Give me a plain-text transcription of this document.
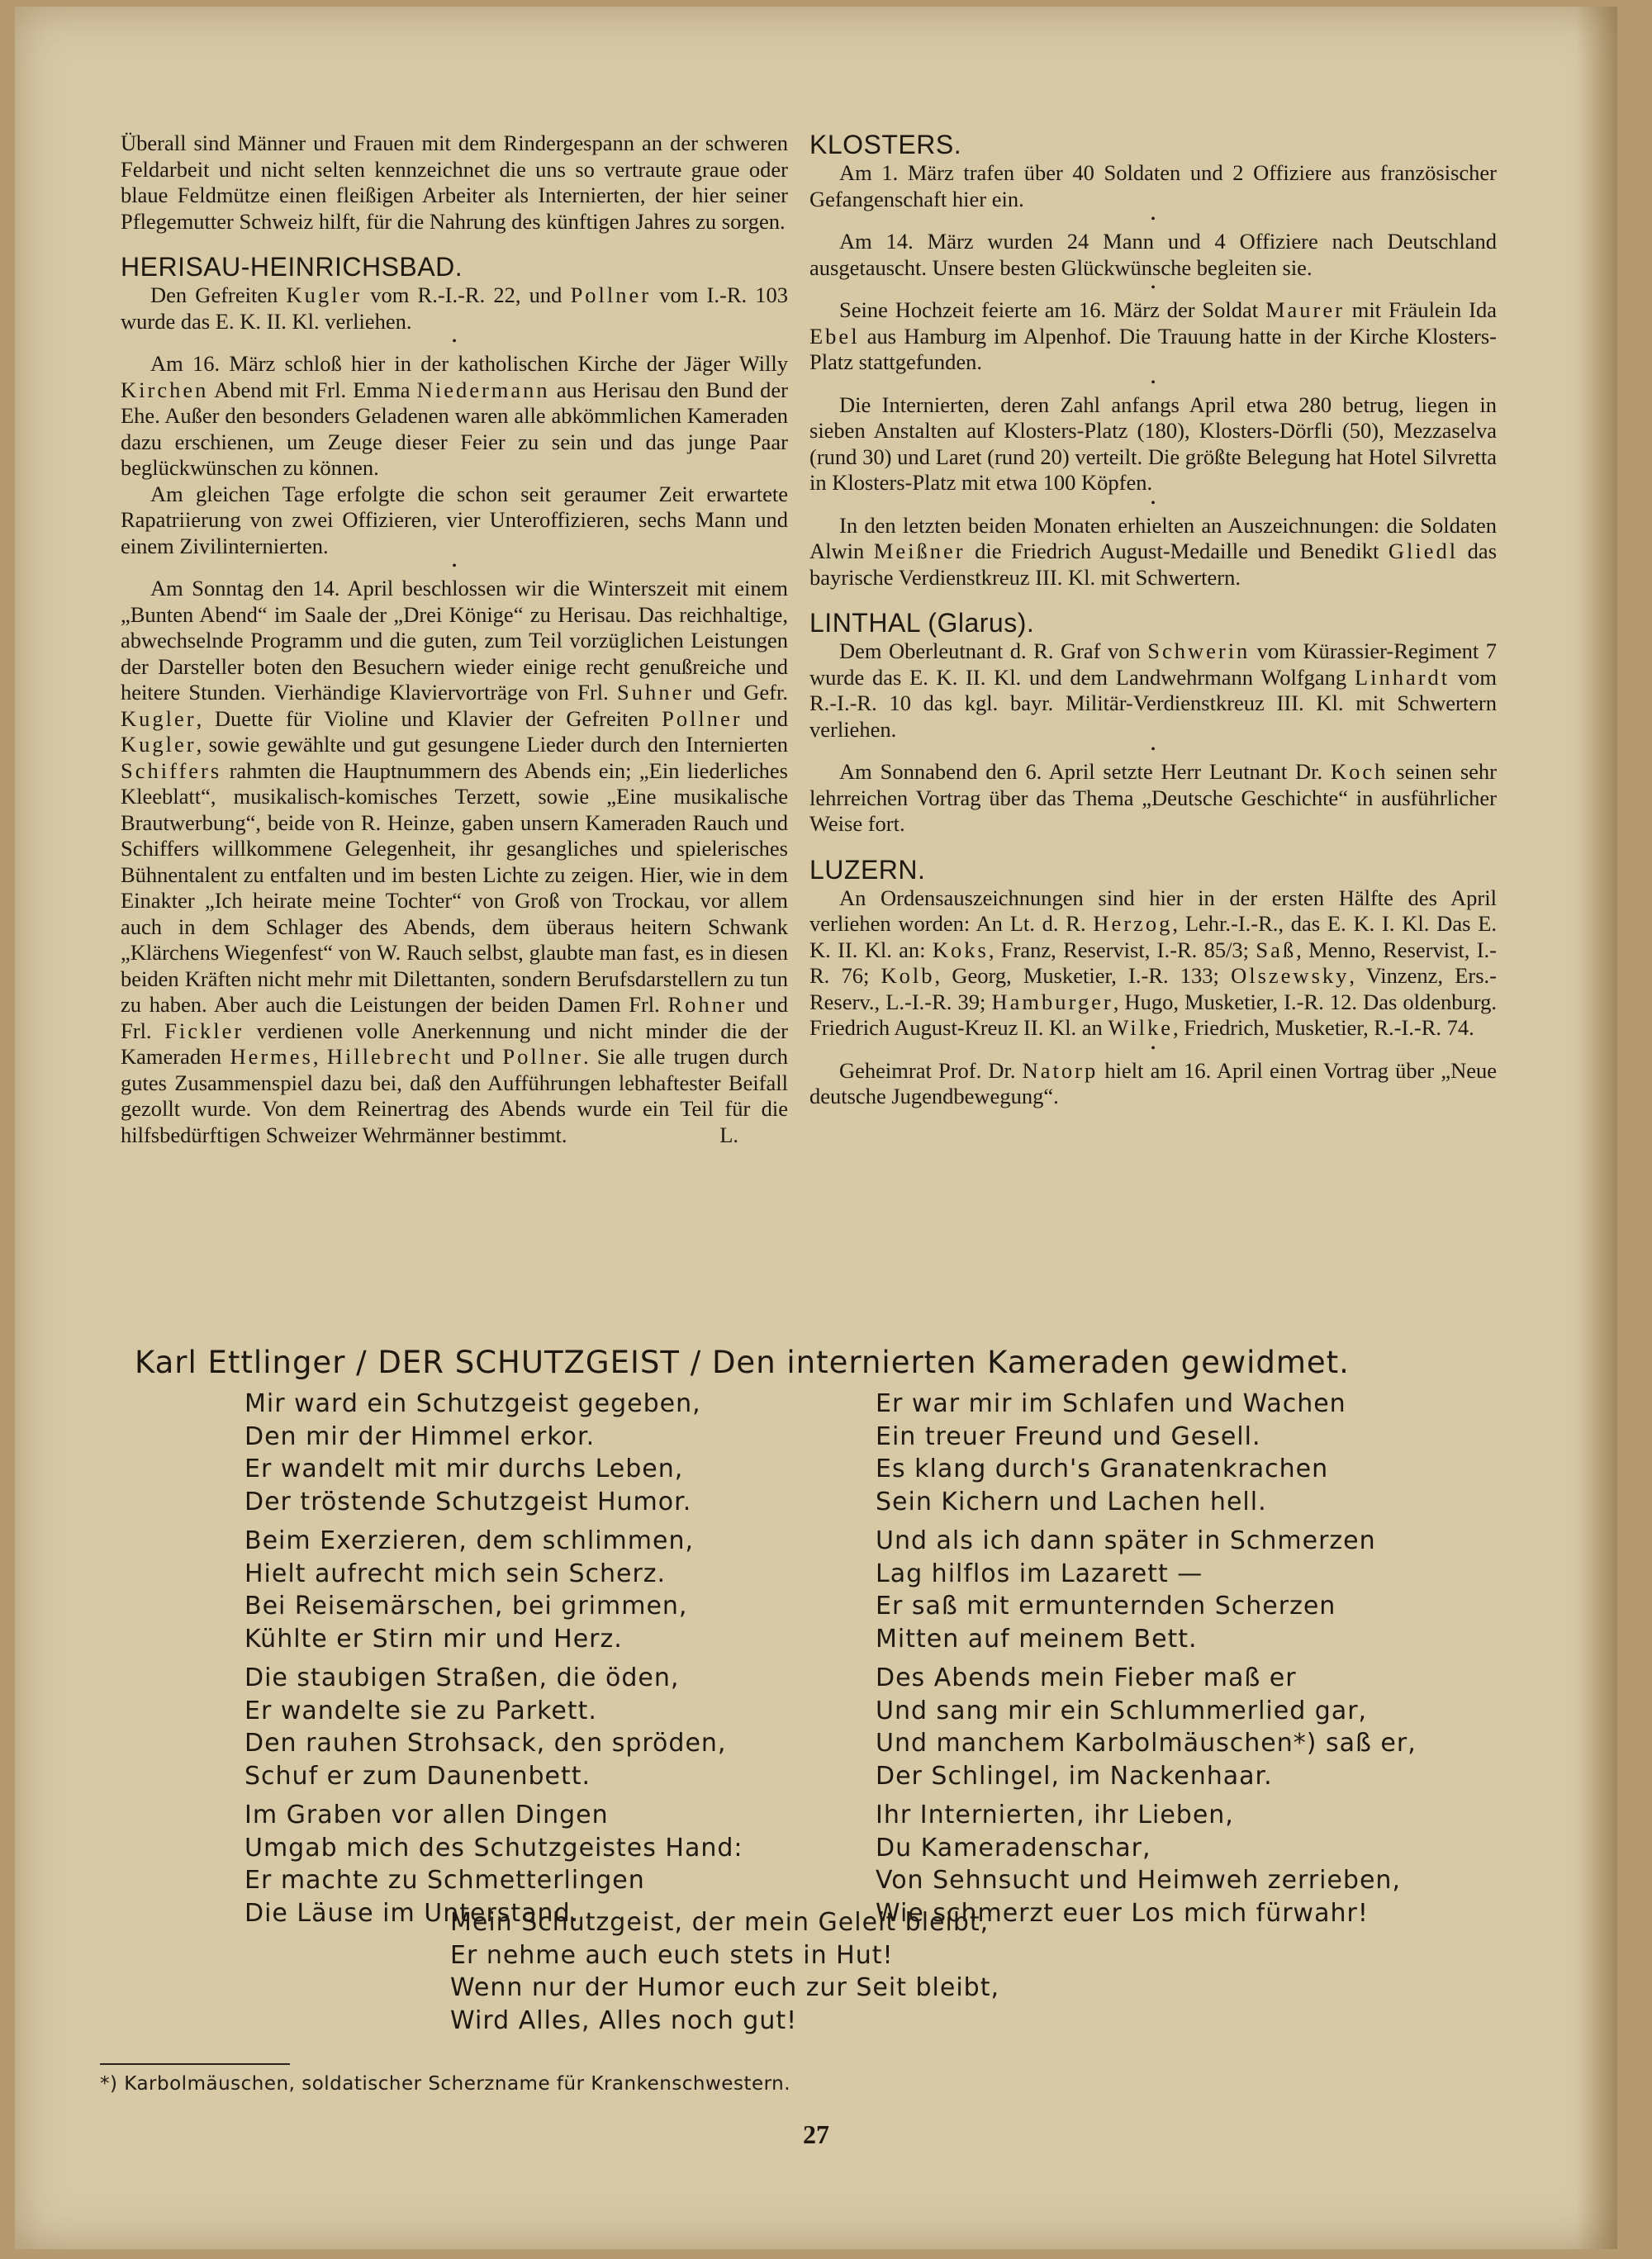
Überall sind Männer und Frauen mit dem Rindergespann an der schweren Feldarbeit und nicht selten kennzeichnet die uns so vertraute graue oder blaue Feldmütze einen fleißigen Arbeiter als Internierten, der hier seiner Pflegemutter Schweiz hilft, für die Nahrung des künftigen Jahres zu sorgen.

HERISAU-HEINRICHSBAD.

Den Gefreiten Kugler vom R.-I.-R. 22, und Pollner vom I.-R. 103 wurde das E. K. II. Kl. verliehen.

•

Am 16. März schloß hier in der katholischen Kirche der Jäger Willy Kirchen Abend mit Frl. Emma Niedermann aus Herisau den Bund der Ehe. Außer den besonders Geladenen waren alle abkömmlichen Kameraden dazu erschienen, um Zeuge dieser Feier zu sein und das junge Paar beglückwünschen zu können.

Am gleichen Tage erfolgte die schon seit geraumer Zeit erwartete Rapatriierung von zwei Offizieren, vier Unteroffizieren, sechs Mann und einem Zivilinternierten.

•

Am Sonntag den 14. April beschlossen wir die Winterszeit mit einem „Bunten Abend“ im Saale der „Drei Könige“ zu Herisau. Das reichhaltige, abwechselnde Programm und die guten, zum Teil vorzüglichen Leistungen der Darsteller boten den Besuchern wieder einige recht genußreiche und heitere Stunden. Vierhändige Klaviervorträge von Frl. Suhner und Gefr. Kugler, Duette für Violine und Klavier der Gefreiten Pollner und Kugler, sowie gewählte und gut gesungene Lieder durch den Internierten Schiffers rahmten die Hauptnummern des Abends ein; „Ein liederliches Kleeblatt“, musikalisch-komisches Terzett, sowie „Eine musikalische Brautwerbung“, beide von R. Heinze, gaben unsern Kameraden Rauch und Schiffers willkommene Gelegenheit, ihr gesangliches und spielerisches Bühnentalent zu entfalten und im besten Lichte zu zeigen. Hier, wie in dem Einakter „Ich heirate meine Tochter“ von Groß von Trockau, vor allem auch in dem Schlager des Abends, dem überaus heitern Schwank „Klärchens Wiegenfest“ von W. Rauch selbst, glaubte man fast, es in diesen beiden Kräften nicht mehr mit Dilettanten, sondern Berufsdarstellern zu tun zu haben. Aber auch die Leistungen der beiden Damen Frl. Rohner und Frl. Fickler verdienen volle Anerkennung und nicht minder die der Kameraden Hermes, Hillebrecht und Pollner. Sie alle trugen durch gutes Zusammenspiel dazu bei, daß den Aufführungen lebhaftester Beifall gezollt wurde. Von dem Reinertrag des Abends wurde ein Teil für die hilfsbedürftigen Schweizer Wehrmänner bestimmt.	L.

KLOSTERS.

Am 1. März trafen über 40 Soldaten und 2 Offiziere aus französischer Gefangenschaft hier ein.

•

Am 14. März wurden 24 Mann und 4 Offiziere nach Deutschland ausgetauscht. Unsere besten Glückwünsche begleiten sie.

•

Seine Hochzeit feierte am 16. März der Soldat Maurer mit Fräulein Ida Ebel aus Hamburg im Alpenhof. Die Trauung hatte in der Kirche Klosters-Platz stattgefunden.

•

Die Internierten, deren Zahl anfangs April etwa 280 betrug, liegen in sieben Anstalten auf Klosters-Platz (180), Klosters-Dörfli (50), Mezzaselva (rund 30) und Laret (rund 20) verteilt. Die größte Belegung hat Hotel Silvretta in Klosters-Platz mit etwa 100 Köpfen.

•

In den letzten beiden Monaten erhielten an Auszeichnungen: die Soldaten Alwin Meißner die Friedrich August-Medaille und Benedikt Gliedl das bayrische Verdienstkreuz III. Kl. mit Schwertern.

LINTHAL (Glarus).

Dem Oberleutnant d. R. Graf von Schwerin vom Kürassier-Regiment 7 wurde das E. K. II. Kl. und dem Landwehrmann Wolfgang Linhardt vom R.-I.-R. 10 das kgl. bayr. Militär-Verdienstkreuz III. Kl. mit Schwertern verliehen.

•

Am Sonnabend den 6. April setzte Herr Leutnant Dr. Koch seinen sehr lehrreichen Vortrag über das Thema „Deutsche Geschichte“ in ausführlicher Weise fort.

LUZERN.

An Ordensauszeichnungen sind hier in der ersten Hälfte des April verliehen worden: An Lt. d. R. Herzog, Lehr.-I.-R., das E. K. I. Kl. Das E. K. II. Kl. an: Koks, Franz, Reservist, I.-R. 85/3; Saß, Menno, Reservist, I.-R. 76; Kolb, Georg, Musketier, I.-R. 133; Olszewsky, Vinzenz, Ers.-Reserv., L.-I.-R. 39; Hamburger, Hugo, Musketier, I.-R. 12. Das oldenburg. Friedrich August-Kreuz II. Kl. an Wilke, Friedrich, Musketier, R.-I.-R. 74.

•

Geheimrat Prof. Dr. Natorp hielt am 16. April einen Vortrag über „Neue deutsche Jugendbewegung“.

Karl Ettlinger / DER SCHUTZGEIST / Den internierten Kameraden gewidmet.
Mir ward ein Schutzgeist gegeben,
Den mir der Himmel erkor.
Er wandelt mit mir durchs Leben,
Der tröstende Schutzgeist Humor.
Beim Exerzieren, dem schlimmen,
Hielt aufrecht mich sein Scherz.
Bei Reisemärschen, bei grimmen,
Kühlte er Stirn mir und Herz.
Die staubigen Straßen, die öden,
Er wandelte sie zu Parkett.
Den rauhen Strohsack, den spröden,
Schuf er zum Daunenbett.
Im Graben vor allen Dingen
Umgab mich des Schutzgeistes Hand:
Er machte zu Schmetterlingen
Die Läuse im Unterstand.
Er war mir im Schlafen und Wachen
Ein treuer Freund und Gesell.
Es klang durch's Granatenkrachen
Sein Kichern und Lachen hell.
Und als ich dann später in Schmerzen
Lag hilflos im Lazarett —
Er saß mit ermunternden Scherzen
Mitten auf meinem Bett.
Des Abends mein Fieber maß er
Und sang mir ein Schlummerlied gar,
Und manchem Karbolmäuschen*) saß er,
Der Schlingel, im Nackenhaar.
Ihr Internierten, ihr Lieben,
Du Kameradenschar,
Von Sehnsucht und Heimweh zerrieben,
Wie schmerzt euer Los mich fürwahr!
Mein Schutzgeist, der mein Geleit bleibt,
Er nehme auch euch stets in Hut!
Wenn nur der Humor euch zur Seit bleibt,
Wird Alles, Alles noch gut!
*) Karbolmäuschen, soldatischer Scherzname für Krankenschwestern.
27
